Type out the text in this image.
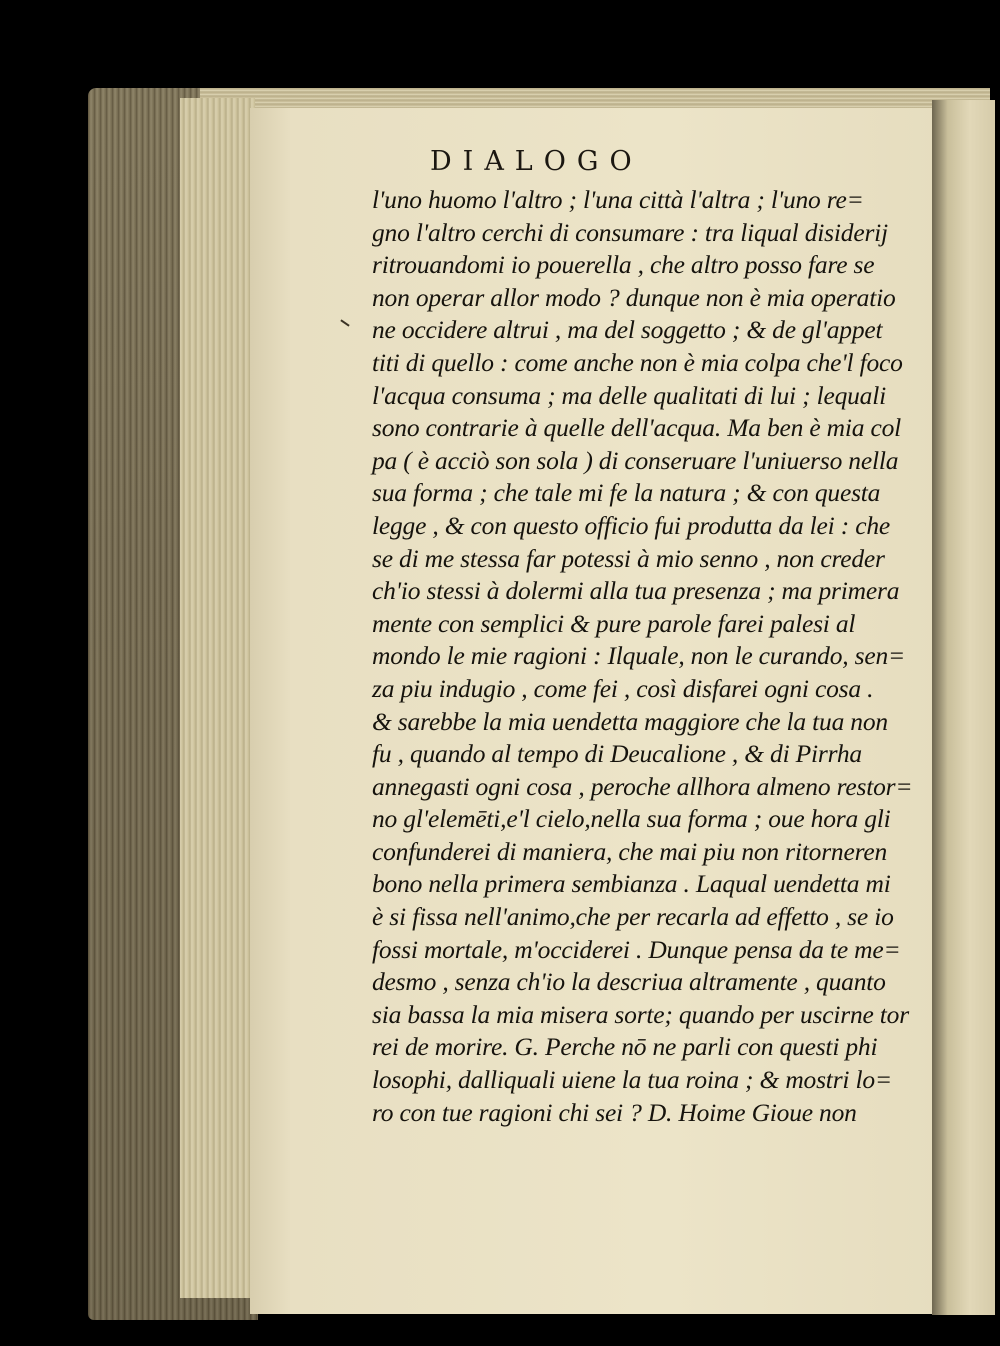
DIALOGO
l'uno huomo l'altro ; l'una città l'altra ; l'uno re=
gno l'altro cerchi di consumare : tra liqual disiderij
ritrouandomi io pouerella , che altro posso fare se
non operar allor modo ? dunque non è mia operatio
ne occidere altrui , ma del soggetto ; & de gl'appet
titi di quello : come anche non è mia colpa che'l foco
l'acqua consuma ; ma delle qualitati di lui ; lequali
sono contrarie à quelle dell'acqua. Ma ben è mia col
pa ( è acciò son sola ) di conseruare l'uniuerso nella
sua forma ; che tale mi fe la natura ; & con questa
legge , & con questo officio fui produtta da lei : che
se di me stessa far potessi à mio senno , non creder
ch'io stessi à dolermi alla tua presenza ; ma primera
mente con semplici & pure parole farei palesi al
mondo le mie ragioni : Ilquale, non le curando, sen=
za piu indugio , come fei , così disfarei ogni cosa .
& sarebbe la mia uendetta maggiore che la tua non
fu , quando al tempo di Deucalione , & di Pirrha
annegasti ogni cosa , peroche allhora almeno restor=
no gl'elemēti,e'l cielo,nella sua forma ; oue hora gli
confunderei di maniera, che mai piu non ritorneren
bono nella primera sembianza . Laqual uendetta mi
è si fissa nell'animo,che per recarla ad effetto , se io
fossi mortale, m'occiderei . Dunque pensa da te me=
desmo , senza ch'io la descriua altramente , quanto
sia bassa la mia misera sorte; quando per uscirne tor
rei de morire. G. Perche nō ne parli con questi phi
losophi, dalliquali uiene la tua roina ; & mostri lo=
ro con tue ragioni chi sei ? D. Hoime Gioue non
